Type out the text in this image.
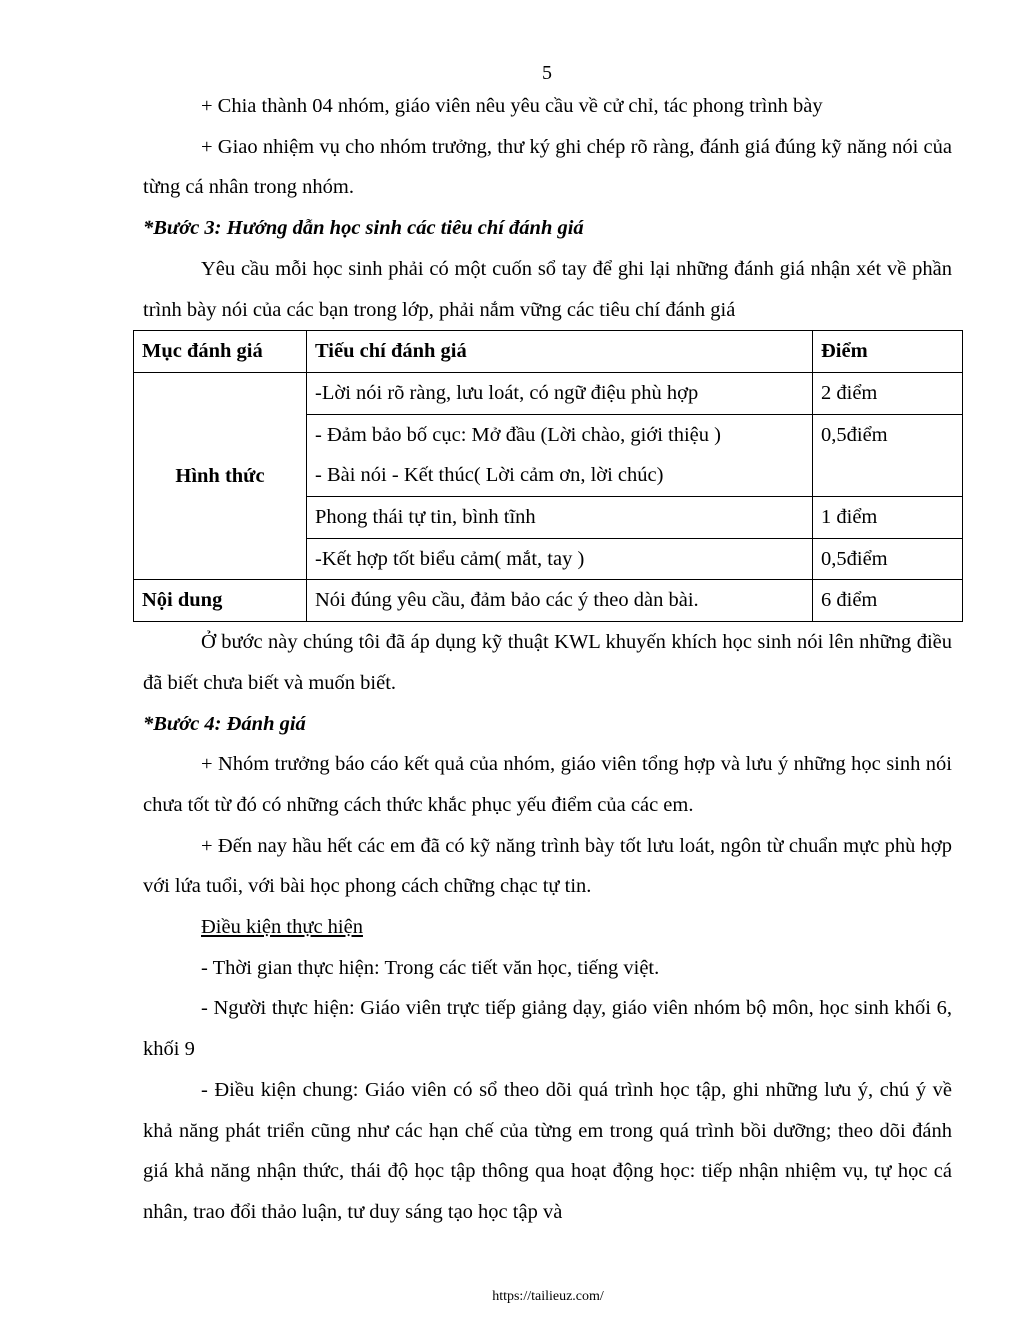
5

+ Chia thành 04 nhóm, giáo viên nêu yêu cầu về cử chỉ, tác phong trình bày

+ Giao nhiệm vụ cho nhóm trưởng, thư ký ghi chép rõ ràng, đánh giá đúng kỹ năng nói của từng cá nhân trong nhóm.

*Bước 3: Hướng dẫn học sinh các tiêu chí đánh giá

Yêu cầu mỗi học sinh phải có một cuốn sổ tay để ghi lại những đánh giá nhận xét về phần trình bày nói của các bạn trong lớp, phải nắm vững các tiêu chí đánh giá

Mục đánh giá	Tiếu chí đánh giá	Điểm
Hình thức	-Lời nói rõ ràng, lưu loát, có ngữ điệu phù hợp	2 điểm
	- Đảm bảo bố cục: Mở đầu (Lời chào, giới thiệu )	0,5điểm
	- Bài nói - Kết thúc( Lời cảm ơn, lời chúc)	
	Phong thái tự tin, bình tĩnh	1 điểm
	-Kết hợp tốt biểu cảm( mắt, tay )	0,5điểm
Nội dung	Nói đúng yêu cầu, đảm bảo các ý theo dàn bài.	6 điểm

Ở bước này chúng tôi đã áp dụng kỹ thuật KWL khuyến khích học sinh nói lên những điều đã biết chưa biết và muốn biết.

*Bước 4: Đánh giá

+ Nhóm trưởng báo cáo kết quả của nhóm, giáo viên tổng hợp và lưu ý những học sinh nói chưa tốt từ đó có những cách thức khắc phục yếu điểm của các em.

+ Đến nay hầu hết các em đã có kỹ năng trình bày tốt lưu loát, ngôn từ chuẩn mực phù hợp với lứa tuổi, với bài học phong cách chững chạc tự tin.

Điều kiện thực hiện

- Thời gian thực hiện: Trong các tiết văn học, tiếng việt.

- Người thực hiện: Giáo viên trực tiếp giảng dạy, giáo viên nhóm bộ môn, học sinh khối 6, khối 9

- Điều kiện chung: Giáo viên có sổ theo dõi quá trình học tập, ghi những lưu ý, chú ý về khả năng phát triển cũng như các hạn chế của từng em trong quá trình bồi dưỡng; theo dõi đánh giá khả năng nhận thức, thái độ học tập thông qua hoạt động học: tiếp nhận nhiệm vụ, tự học cá nhân, trao đổi thảo luận, tư duy sáng tạo học tập và

https://tailieuz.com/
